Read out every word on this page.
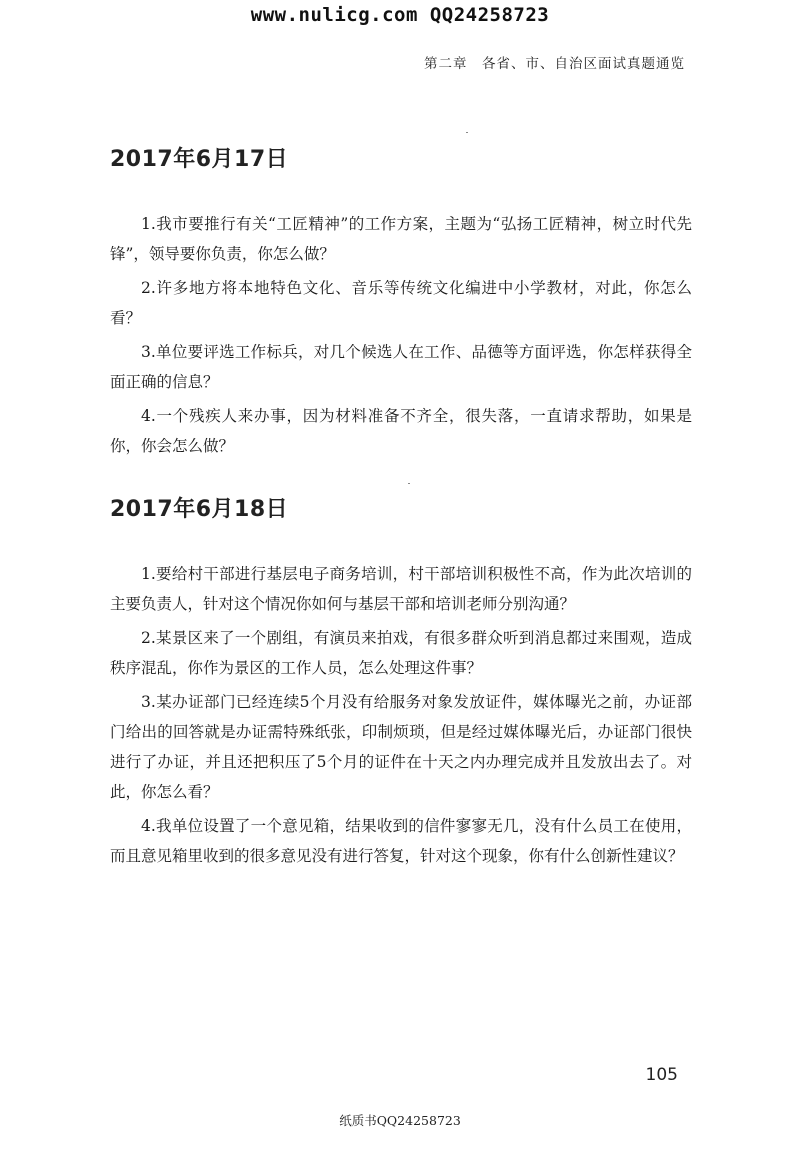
www.nulicg.com QQ24258723
第二章　各省、市、自治区面试真题通览
2017年6月17日

1.我市要推行有关“工匠精神”的工作方案，主题为“弘扬工匠精神，树立时代先锋”，领导要你负责，你怎么做？

2.许多地方将本地特色文化、音乐等传统文化编进中小学教材，对此，你怎么看？

3.单位要评选工作标兵，对几个候选人在工作、品德等方面评选，你怎样获得全面正确的信息？

4.一个残疾人来办事，因为材料准备不齐全，很失落，一直请求帮助，如果是你，你会怎么做？

2017年6月18日

1.要给村干部进行基层电子商务培训，村干部培训积极性不高，作为此次培训的主要负责人，针对这个情况你如何与基层干部和培训老师分别沟通？

2.某景区来了一个剧组，有演员来拍戏，有很多群众听到消息都过来围观，造成秩序混乱，你作为景区的工作人员，怎么处理这件事？

3.某办证部门已经连续5个月没有给服务对象发放证件，媒体曝光之前，办证部门给出的回答就是办证需特殊纸张，印制烦琐，但是经过媒体曝光后，办证部门很快进行了办证，并且还把积压了5个月的证件在十天之内办理完成并且发放出去了。对此，你怎么看？

4.我单位设置了一个意见箱，结果收到的信件寥寥无几，没有什么员工在使用，而且意见箱里收到的很多意见没有进行答复，针对这个现象，你有什么创新性建议？

105
纸质书QQ24258723
